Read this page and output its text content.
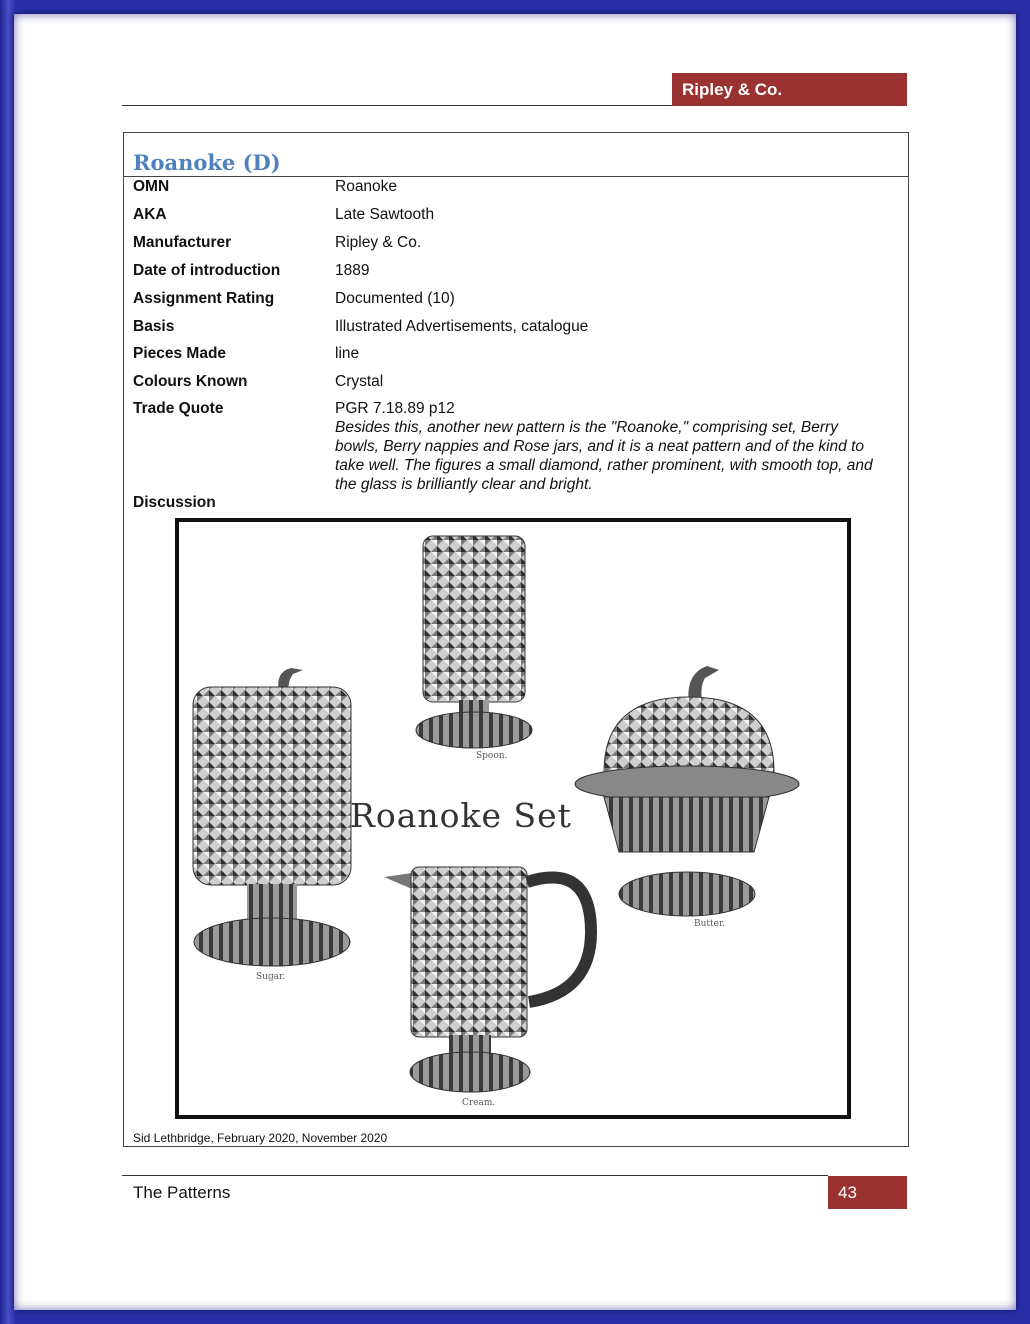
Ripley & Co.
Roanoke (D)
OMN	Roanoke
AKA	Late Sawtooth
Manufacturer	Ripley & Co.
Date of introduction	1889
Assignment Rating	Documented (10)
Basis	Illustrated Advertisements, catalogue
Pieces Made	line
Colours Known	Crystal
Trade Quote	PGR 7.18.89 p12
Besides this, another new pattern is the "Roanoke," comprising set, Berry bowls, Berry nappies and Rose jars, and it is a neat pattern and of the kind to take well. The figures a small diamond, rather prominent, with smooth top, and the glass is brilliantly clear and bright.
Discussion
Roanoke Set
Spoon.
Sugar.
Butter.
Cream.
Sid Lethbridge, February 2020, November 2020
The Patterns	43
